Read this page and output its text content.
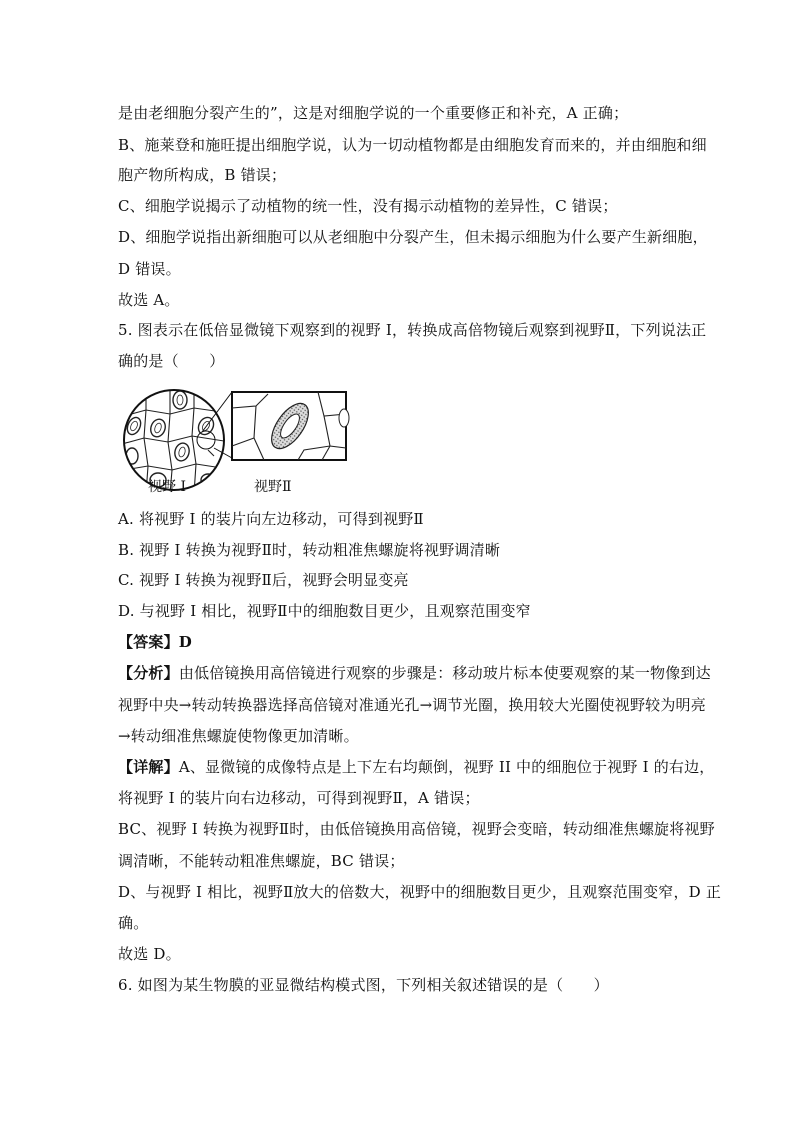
是由老细胞分裂产生的”，这是对细胞学说的一个重要修正和补充，A 正确；
B、施莱登和施旺提出细胞学说，认为一切动植物都是由细胞发育而来的，并由细胞和细
胞产物所构成，B 错误；
C、细胞学说揭示了动植物的统一性，没有揭示动植物的差异性，C 错误；
D、细胞学说指出新细胞可以从老细胞中分裂产生，但未揭示细胞为什么要产生新细胞，
D 错误。
故选 A。
5. 图表示在低倍显微镜下观察到的视野 I，转换成高倍物镜后观察到视野Ⅱ，下列说法正
确的是（　　）
视野 I	视野Ⅱ
A. 将视野 I 的装片向左边移动，可得到视野Ⅱ
B. 视野 I 转换为视野Ⅱ时，转动粗准焦螺旋将视野调清晰
C. 视野 I 转换为视野Ⅱ后，视野会明显变亮
D. 与视野 I 相比，视野Ⅱ中的细胞数目更少，且观察范围变窄
【答案】D
【分析】由低倍镜换用高倍镜进行观察的步骤是：移动玻片标本使要观察的某一物像到达
视野中央→转动转换器选择高倍镜对准通光孔→调节光圈，换用较大光圈使视野较为明亮
→转动细准焦螺旋使物像更加清晰。
【详解】A、显微镜的成像特点是上下左右均颠倒，视野 II 中的细胞位于视野 I 的右边，
将视野 I 的装片向右边移动，可得到视野Ⅱ，A 错误；
BC、视野 I 转换为视野Ⅱ时，由低倍镜换用高倍镜，视野会变暗，转动细准焦螺旋将视野
调清晰，不能转动粗准焦螺旋，BC 错误；
D、与视野 I 相比，视野Ⅱ放大的倍数大，视野中的细胞数目更少，且观察范围变窄，D 正
确。
故选 D。
6. 如图为某生物膜的亚显微结构模式图，下列相关叙述错误的是（　　）
